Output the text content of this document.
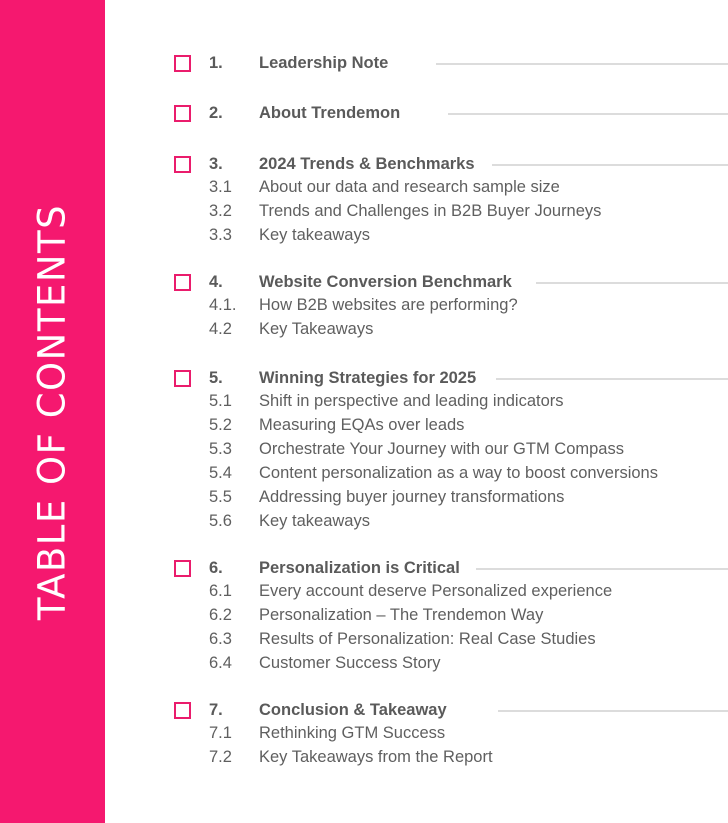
TABLE OF CONTENTS
1. Leadership Note
2. About Trendemon
3. 2024 Trends & Benchmarks
3.1 About our data and research sample size
3.2 Trends and Challenges in B2B Buyer Journeys
3.3 Key takeaways
4. Website Conversion Benchmark
4.1. How B2B websites are performing?
4.2 Key Takeaways
5. Winning Strategies for 2025
5.1 Shift in perspective and leading indicators
5.2 Measuring EQAs over leads
5.3 Orchestrate Your Journey with our GTM Compass
5.4 Content personalization as a way to boost conversions
5.5 Addressing buyer journey transformations
5.6 Key takeaways
6. Personalization is Critical
6.1 Every account deserve Personalized experience
6.2 Personalization – The Trendemon Way
6.3 Results of Personalization: Real Case Studies
6.4 Customer Success Story
7. Conclusion & Takeaway
7.1 Rethinking GTM Success
7.2 Key Takeaways from the Report
